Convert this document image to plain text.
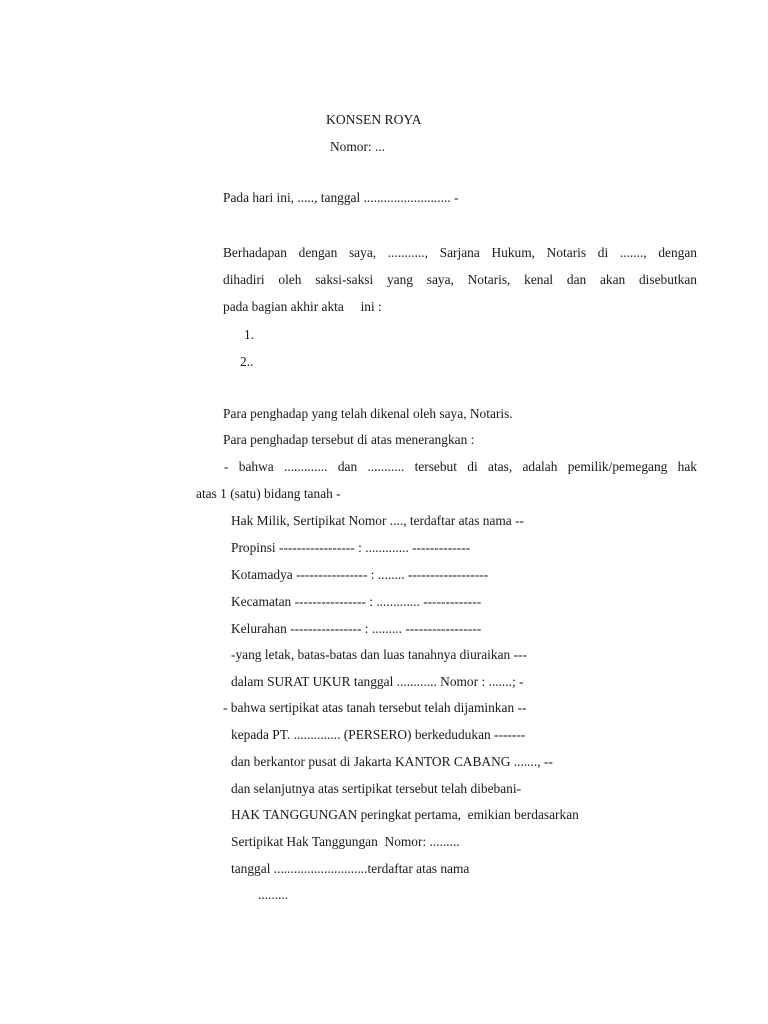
KONSEN ROYA
Nomor: ...
Pada hari ini, ....., tanggal .......................... -
Berhadapan dengan saya, ..........., Sarjana Hukum, Notaris di ......., dengan
dihadiri oleh saksi-saksi yang saya, Notaris, kenal dan akan disebutkan
pada bagian akhir akta     ini :
1.
2..
Para penghadap yang telah dikenal oleh saya, Notaris.
Para penghadap tersebut di atas menerangkan :
- bahwa ............. dan ........... tersebut di atas, adalah pemilik/pemegang hak
atas 1 (satu) bidang tanah -
Hak Milik, Sertipikat Nomor ...., terdaftar atas nama --
Propinsi ----------------- : ............. -------------
Kotamadya ---------------- : ........ ------------------
Kecamatan ---------------- : ............. -------------
Kelurahan ---------------- : ......... -----------------
-yang letak, batas-batas dan luas tanahnya diuraikan ---
dalam SURAT UKUR tanggal ............ Nomor : .......; -
- bahwa sertipikat atas tanah tersebut telah dijaminkan --
kepada PT. .............. (PERSERO) berkedudukan -------
dan berkantor pusat di Jakarta KANTOR CABANG ......., --
dan selanjutnya atas sertipikat tersebut telah dibebani-
HAK TANGGUNGAN peringkat pertama,  emikian berdasarkan
Sertipikat Hak Tanggungan  Nomor: .........
tanggal ............................terdaftar atas nama
.........
